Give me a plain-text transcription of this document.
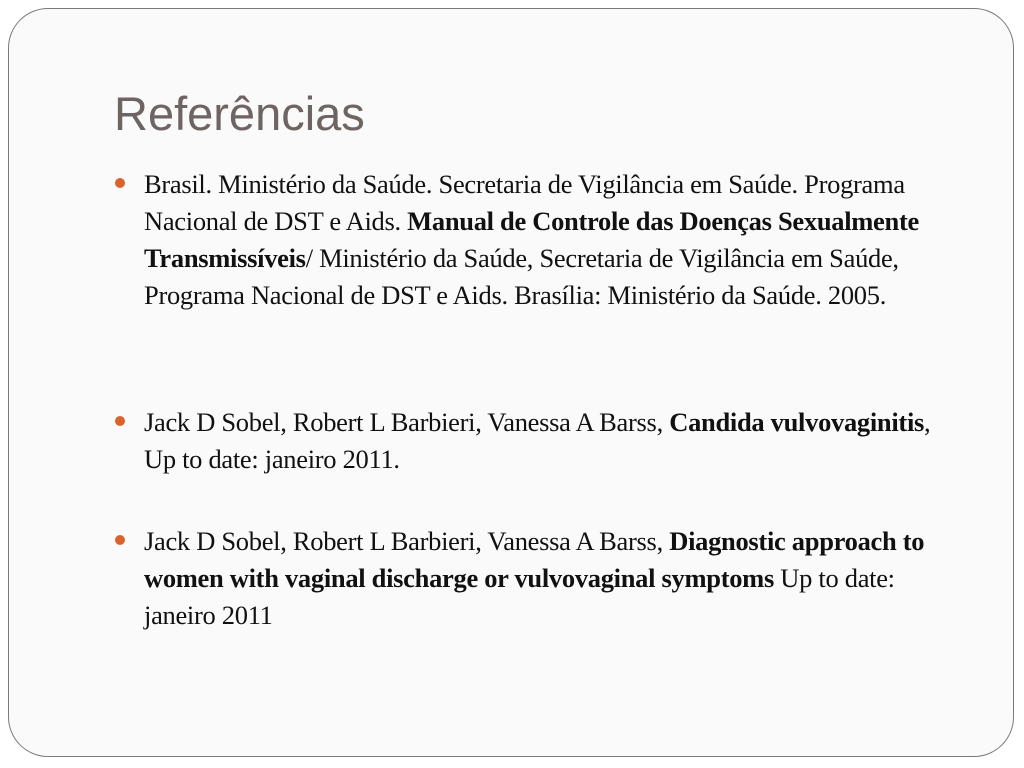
Referências
Brasil. Ministério da Saúde. Secretaria de Vigilância em Saúde. Programa Nacional de DST e Aids. Manual de Controle das Doenças Sexualmente Transmissíveis/ Ministério da Saúde, Secretaria de Vigilância em Saúde, Programa Nacional de DST e Aids. Brasília: Ministério da Saúde. 2005.
Jack D Sobel, Robert L Barbieri, Vanessa A Barss, Candida vulvovaginitis, Up to date: janeiro 2011.
Jack D Sobel, Robert L Barbieri, Vanessa A Barss, Diagnostic approach to women with vaginal discharge or vulvovaginal symptoms Up to date: janeiro 2011
